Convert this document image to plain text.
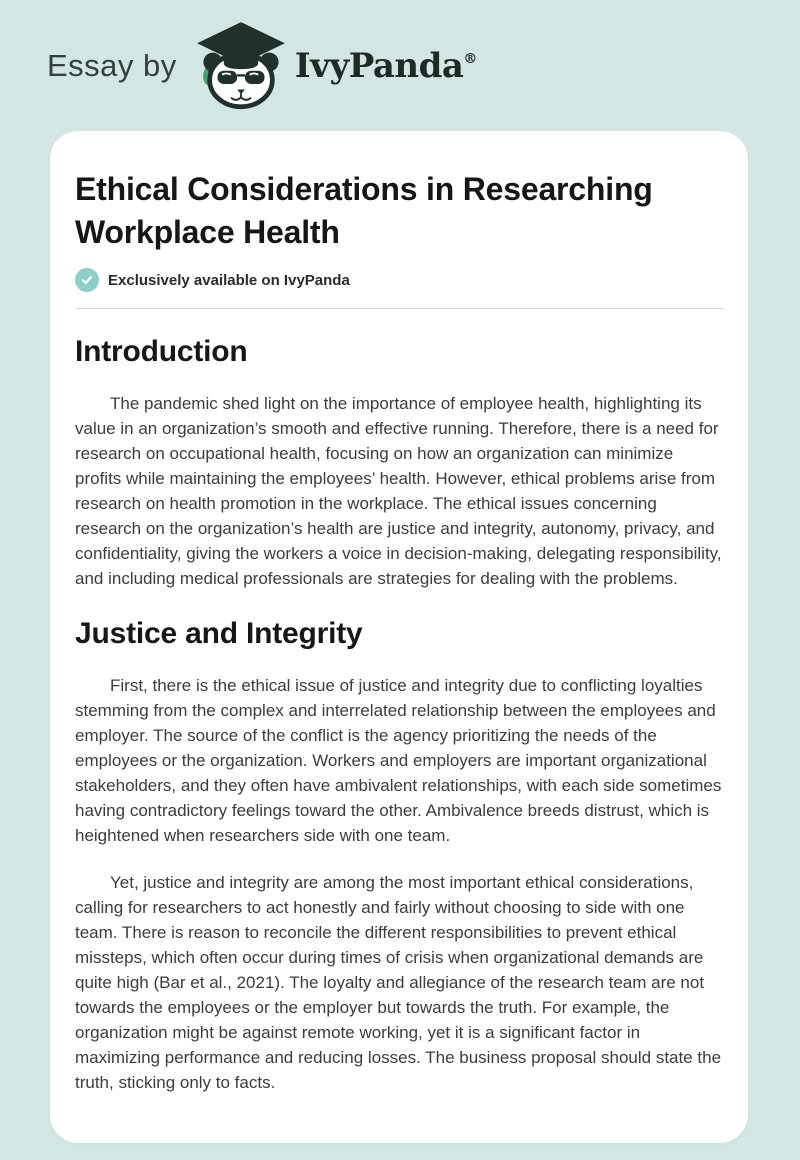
Essay by	IvyPanda®
Ethical Considerations in Researching Workplace Health
Exclusively available on IvyPanda
Introduction

The pandemic shed light on the importance of employee health, highlighting its value in an organization’s smooth and effective running. Therefore, there is a need for research on occupational health, focusing on how an organization can minimize profits while maintaining the employees’ health. However, ethical problems arise from research on health promotion in the workplace. The ethical issues concerning research on the organization’s health are justice and integrity, autonomy, privacy, and confidentiality, giving the workers a voice in decision-making, delegating responsibility, and including medical professionals are strategies for dealing with the problems.

Justice and Integrity

First, there is the ethical issue of justice and integrity due to conflicting loyalties stemming from the complex and interrelated relationship between the employees and employer. The source of the conflict is the agency prioritizing the needs of the employees or the organization. Workers and employers are important organizational stakeholders, and they often have ambivalent relationships, with each side sometimes having contradictory feelings toward the other. Ambivalence breeds distrust, which is heightened when researchers side with one team.

Yet, justice and integrity are among the most important ethical considerations, calling for researchers to act honestly and fairly without choosing to side with one team. There is reason to reconcile the different responsibilities to prevent ethical missteps, which often occur during times of crisis when organizational demands are quite high (Bar et al., 2021). The loyalty and allegiance of the research team are not towards the employees or the employer but towards the truth. For example, the organization might be against remote working, yet it is a significant factor in maximizing performance and reducing losses. The business proposal should state the truth, sticking only to facts.
